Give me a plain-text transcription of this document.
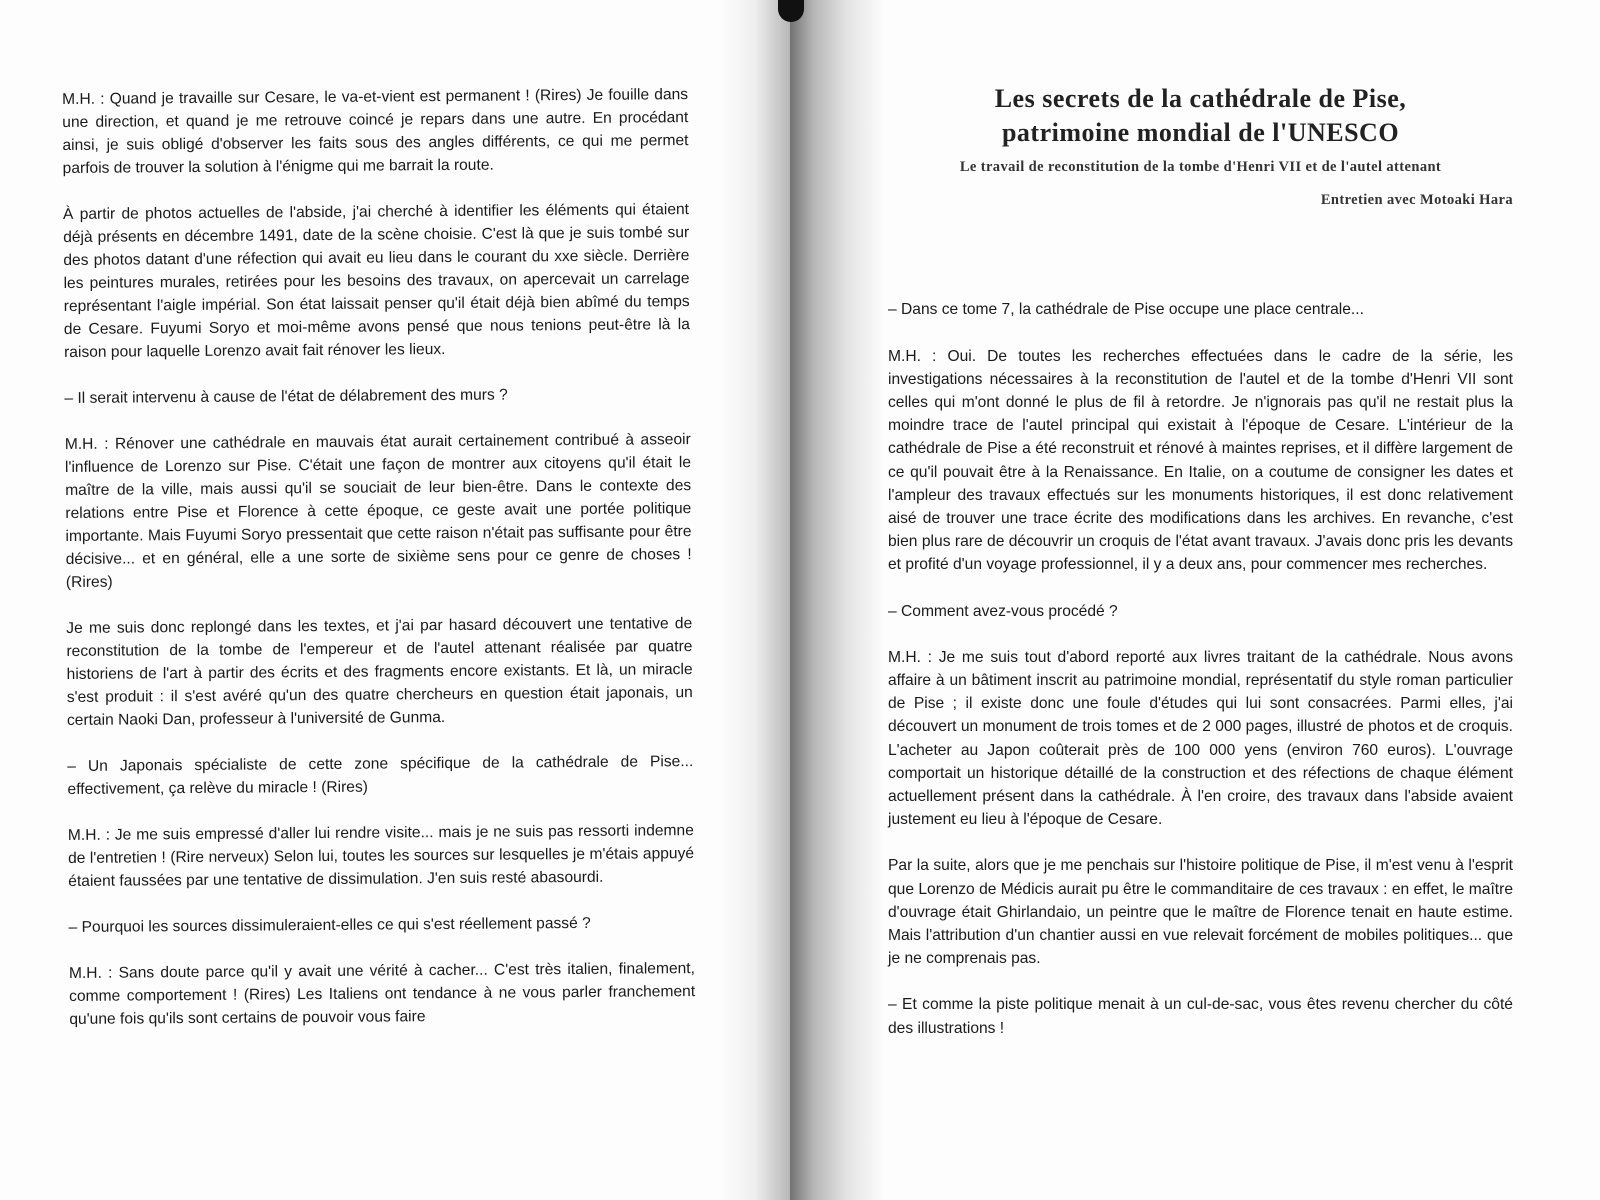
M.H. : Quand je travaille sur Cesare, le va-et-vient est permanent ! (Rires) Je fouille dans une direction, et quand je me retrouve coincé je repars dans une autre. En procédant ainsi, je suis obligé d'observer les faits sous des angles différents, ce qui me permet parfois de trouver la solution à l'énigme qui me barrait la route.

À partir de photos actuelles de l'abside, j'ai cherché à identifier les éléments qui étaient déjà présents en décembre 1491, date de la scène choisie. C'est là que je suis tombé sur des photos datant d'une réfection qui avait eu lieu dans le courant du xxe siècle. Derrière les peintures murales, retirées pour les besoins des travaux, on apercevait un carrelage représentant l'aigle impérial. Son état laissait penser qu'il était déjà bien abîmé du temps de Cesare. Fuyumi Soryo et moi-même avons pensé que nous tenions peut-être là la raison pour laquelle Lorenzo avait fait rénover les lieux.

– Il serait intervenu à cause de l'état de délabrement des murs ?

M.H. : Rénover une cathédrale en mauvais état aurait certainement contribué à asseoir l'influence de Lorenzo sur Pise. C'était une façon de montrer aux citoyens qu'il était le maître de la ville, mais aussi qu'il se souciait de leur bien-être. Dans le contexte des relations entre Pise et Florence à cette époque, ce geste avait une portée politique importante. Mais Fuyumi Soryo pressentait que cette raison n'était pas suffisante pour être décisive... et en général, elle a une sorte de sixième sens pour ce genre de choses ! (Rires)

Je me suis donc replongé dans les textes, et j'ai par hasard découvert une tentative de reconstitution de la tombe de l'empereur et de l'autel attenant réalisée par quatre historiens de l'art à partir des écrits et des fragments encore existants. Et là, un miracle s'est produit : il s'est avéré qu'un des quatre chercheurs en question était japonais, un certain Naoki Dan, professeur à l'université de Gunma.

– Un Japonais spécialiste de cette zone spécifique de la cathédrale de Pise... effectivement, ça relève du miracle ! (Rires)

M.H. : Je me suis empressé d'aller lui rendre visite... mais je ne suis pas ressorti indemne de l'entretien ! (Rire nerveux) Selon lui, toutes les sources sur lesquelles je m'étais appuyé étaient faussées par une tentative de dissimulation. J'en suis resté abasourdi.

– Pourquoi les sources dissimuleraient-elles ce qui s'est réellement passé ?

M.H. : Sans doute parce qu'il y avait une vérité à cacher... C'est très italien, finalement, comme comportement ! (Rires) Les Italiens ont tendance à ne vous parler franchement qu'une fois qu'ils sont certains de pouvoir vous faire

Les secrets de la cathédrale de Pise,
patrimoine mondial de l'UNESCO
Le travail de reconstitution de la tombe d'Henri VII et de l'autel attenant
Entretien avec Motoaki Hara

– Dans ce tome 7, la cathédrale de Pise occupe une place centrale...

M.H. : Oui. De toutes les recherches effectuées dans le cadre de la série, les investigations nécessaires à la reconstitution de l'autel et de la tombe d'Henri VII sont celles qui m'ont donné le plus de fil à retordre. Je n'ignorais pas qu'il ne restait plus la moindre trace de l'autel principal qui existait à l'époque de Cesare. L'intérieur de la cathédrale de Pise a été reconstruit et rénové à maintes reprises, et il diffère largement de ce qu'il pouvait être à la Renaissance. En Italie, on a coutume de consigner les dates et l'ampleur des travaux effectués sur les monuments historiques, il est donc relativement aisé de trouver une trace écrite des modifications dans les archives. En revanche, c'est bien plus rare de découvrir un croquis de l'état avant travaux. J'avais donc pris les devants et profité d'un voyage professionnel, il y a deux ans, pour commencer mes recherches.

– Comment avez-vous procédé ?

M.H. : Je me suis tout d'abord reporté aux livres traitant de la cathédrale. Nous avons affaire à un bâtiment inscrit au patrimoine mondial, représentatif du style roman particulier de Pise ; il existe donc une foule d'études qui lui sont consacrées. Parmi elles, j'ai découvert un monument de trois tomes et de 2 000 pages, illustré de photos et de croquis. L'acheter au Japon coûterait près de 100 000 yens (environ 760 euros). L'ouvrage comportait un historique détaillé de la construction et des réfections de chaque élément actuellement présent dans la cathédrale. À l'en croire, des travaux dans l'abside avaient justement eu lieu à l'époque de Cesare.

Par la suite, alors que je me penchais sur l'histoire politique de Pise, il m'est venu à l'esprit que Lorenzo de Médicis aurait pu être le commanditaire de ces travaux : en effet, le maître d'ouvrage était Ghirlandaio, un peintre que le maître de Florence tenait en haute estime. Mais l'attribution d'un chantier aussi en vue relevait forcément de mobiles politiques... que je ne comprenais pas.

– Et comme la piste politique menait à un cul-de-sac, vous êtes revenu chercher du côté des illustrations !
